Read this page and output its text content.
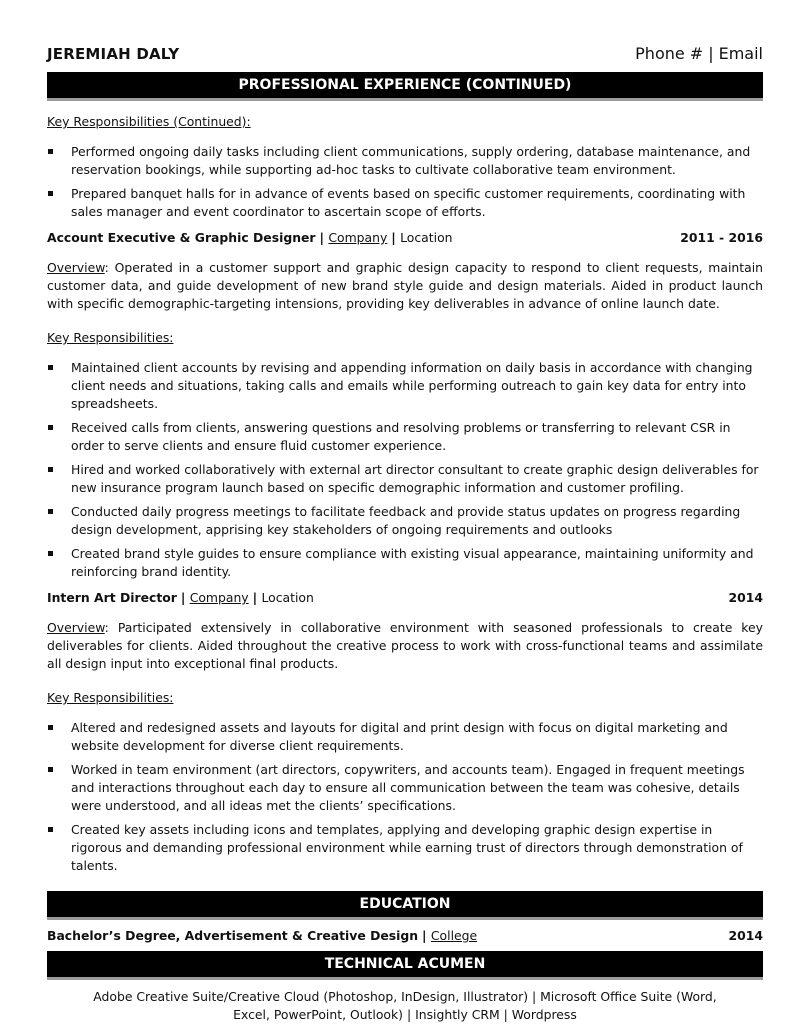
JEREMIAH DALY	Phone # | Email
PROFESSIONAL EXPERIENCE (CONTINUED)
Key Responsibilities (Continued):
Performed ongoing daily tasks including client communications, supply ordering, database maintenance, and reservation bookings, while supporting ad-hoc tasks to cultivate collaborative team environment.
Prepared banquet halls for in advance of events based on specific customer requirements, coordinating with sales manager and event coordinator to ascertain scope of efforts.
Account Executive & Graphic Designer | Company | Location	2011 - 2016
Overview: Operated in a customer support and graphic design capacity to respond to client requests, maintain customer data, and guide development of new brand style guide and design materials. Aided in product launch with specific demographic-targeting intensions, providing key deliverables in advance of online launch date.
Key Responsibilities:
Maintained client accounts by revising and appending information on daily basis in accordance with changing client needs and situations, taking calls and emails while performing outreach to gain key data for entry into spreadsheets.
Received calls from clients, answering questions and resolving problems or transferring to relevant CSR in order to serve clients and ensure fluid customer experience.
Hired and worked collaboratively with external art director consultant to create graphic design deliverables for new insurance program launch based on specific demographic information and customer profiling.
Conducted daily progress meetings to facilitate feedback and provide status updates on progress regarding design development, apprising key stakeholders of ongoing requirements and outlooks
Created brand style guides to ensure compliance with existing visual appearance, maintaining uniformity and reinforcing brand identity.
Intern Art Director | Company | Location	2014
Overview: Participated extensively in collaborative environment with seasoned professionals to create key deliverables for clients. Aided throughout the creative process to work with cross-functional teams and assimilate all design input into exceptional final products.
Key Responsibilities:
Altered and redesigned assets and layouts for digital and print design with focus on digital marketing and website development for diverse client requirements.
Worked in team environment (art directors, copywriters, and accounts team). Engaged in frequent meetings and interactions throughout each day to ensure all communication between the team was cohesive, details were understood, and all ideas met the clients’ specifications.
Created key assets including icons and templates, applying and developing graphic design expertise in rigorous and demanding professional environment while earning trust of directors through demonstration of talents.
EDUCATION
Bachelor’s Degree, Advertisement & Creative Design | College	2014
TECHNICAL ACUMEN
Adobe Creative Suite/Creative Cloud (Photoshop, InDesign, Illustrator) | Microsoft Office Suite (Word, Excel, PowerPoint, Outlook) | Insightly CRM | Wordpress
